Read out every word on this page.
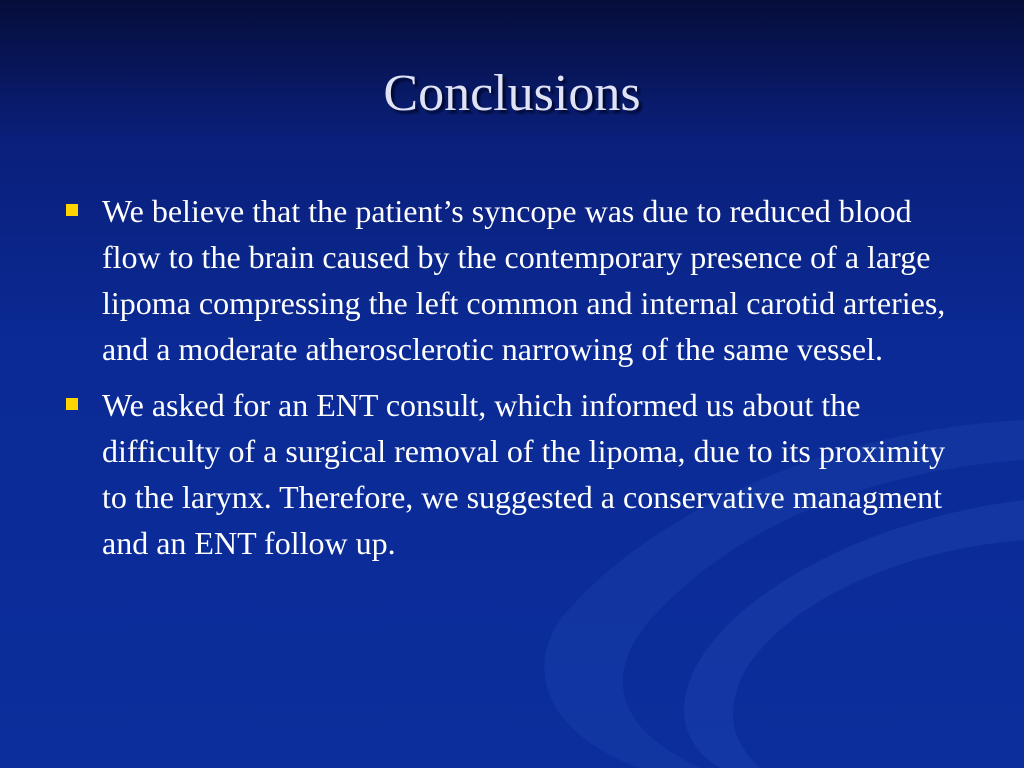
Conclusions
We believe that the patient’s syncope was due to reduced blood flow to the brain caused by the contemporary presence of a large lipoma compressing the left common and internal carotid arteries, and a moderate atherosclerotic narrowing of the same vessel.
We asked for an ENT consult, which informed us about the difficulty of a surgical removal of the lipoma, due to its proximity to the larynx. Therefore, we suggested a conservative managment and an ENT follow up.
